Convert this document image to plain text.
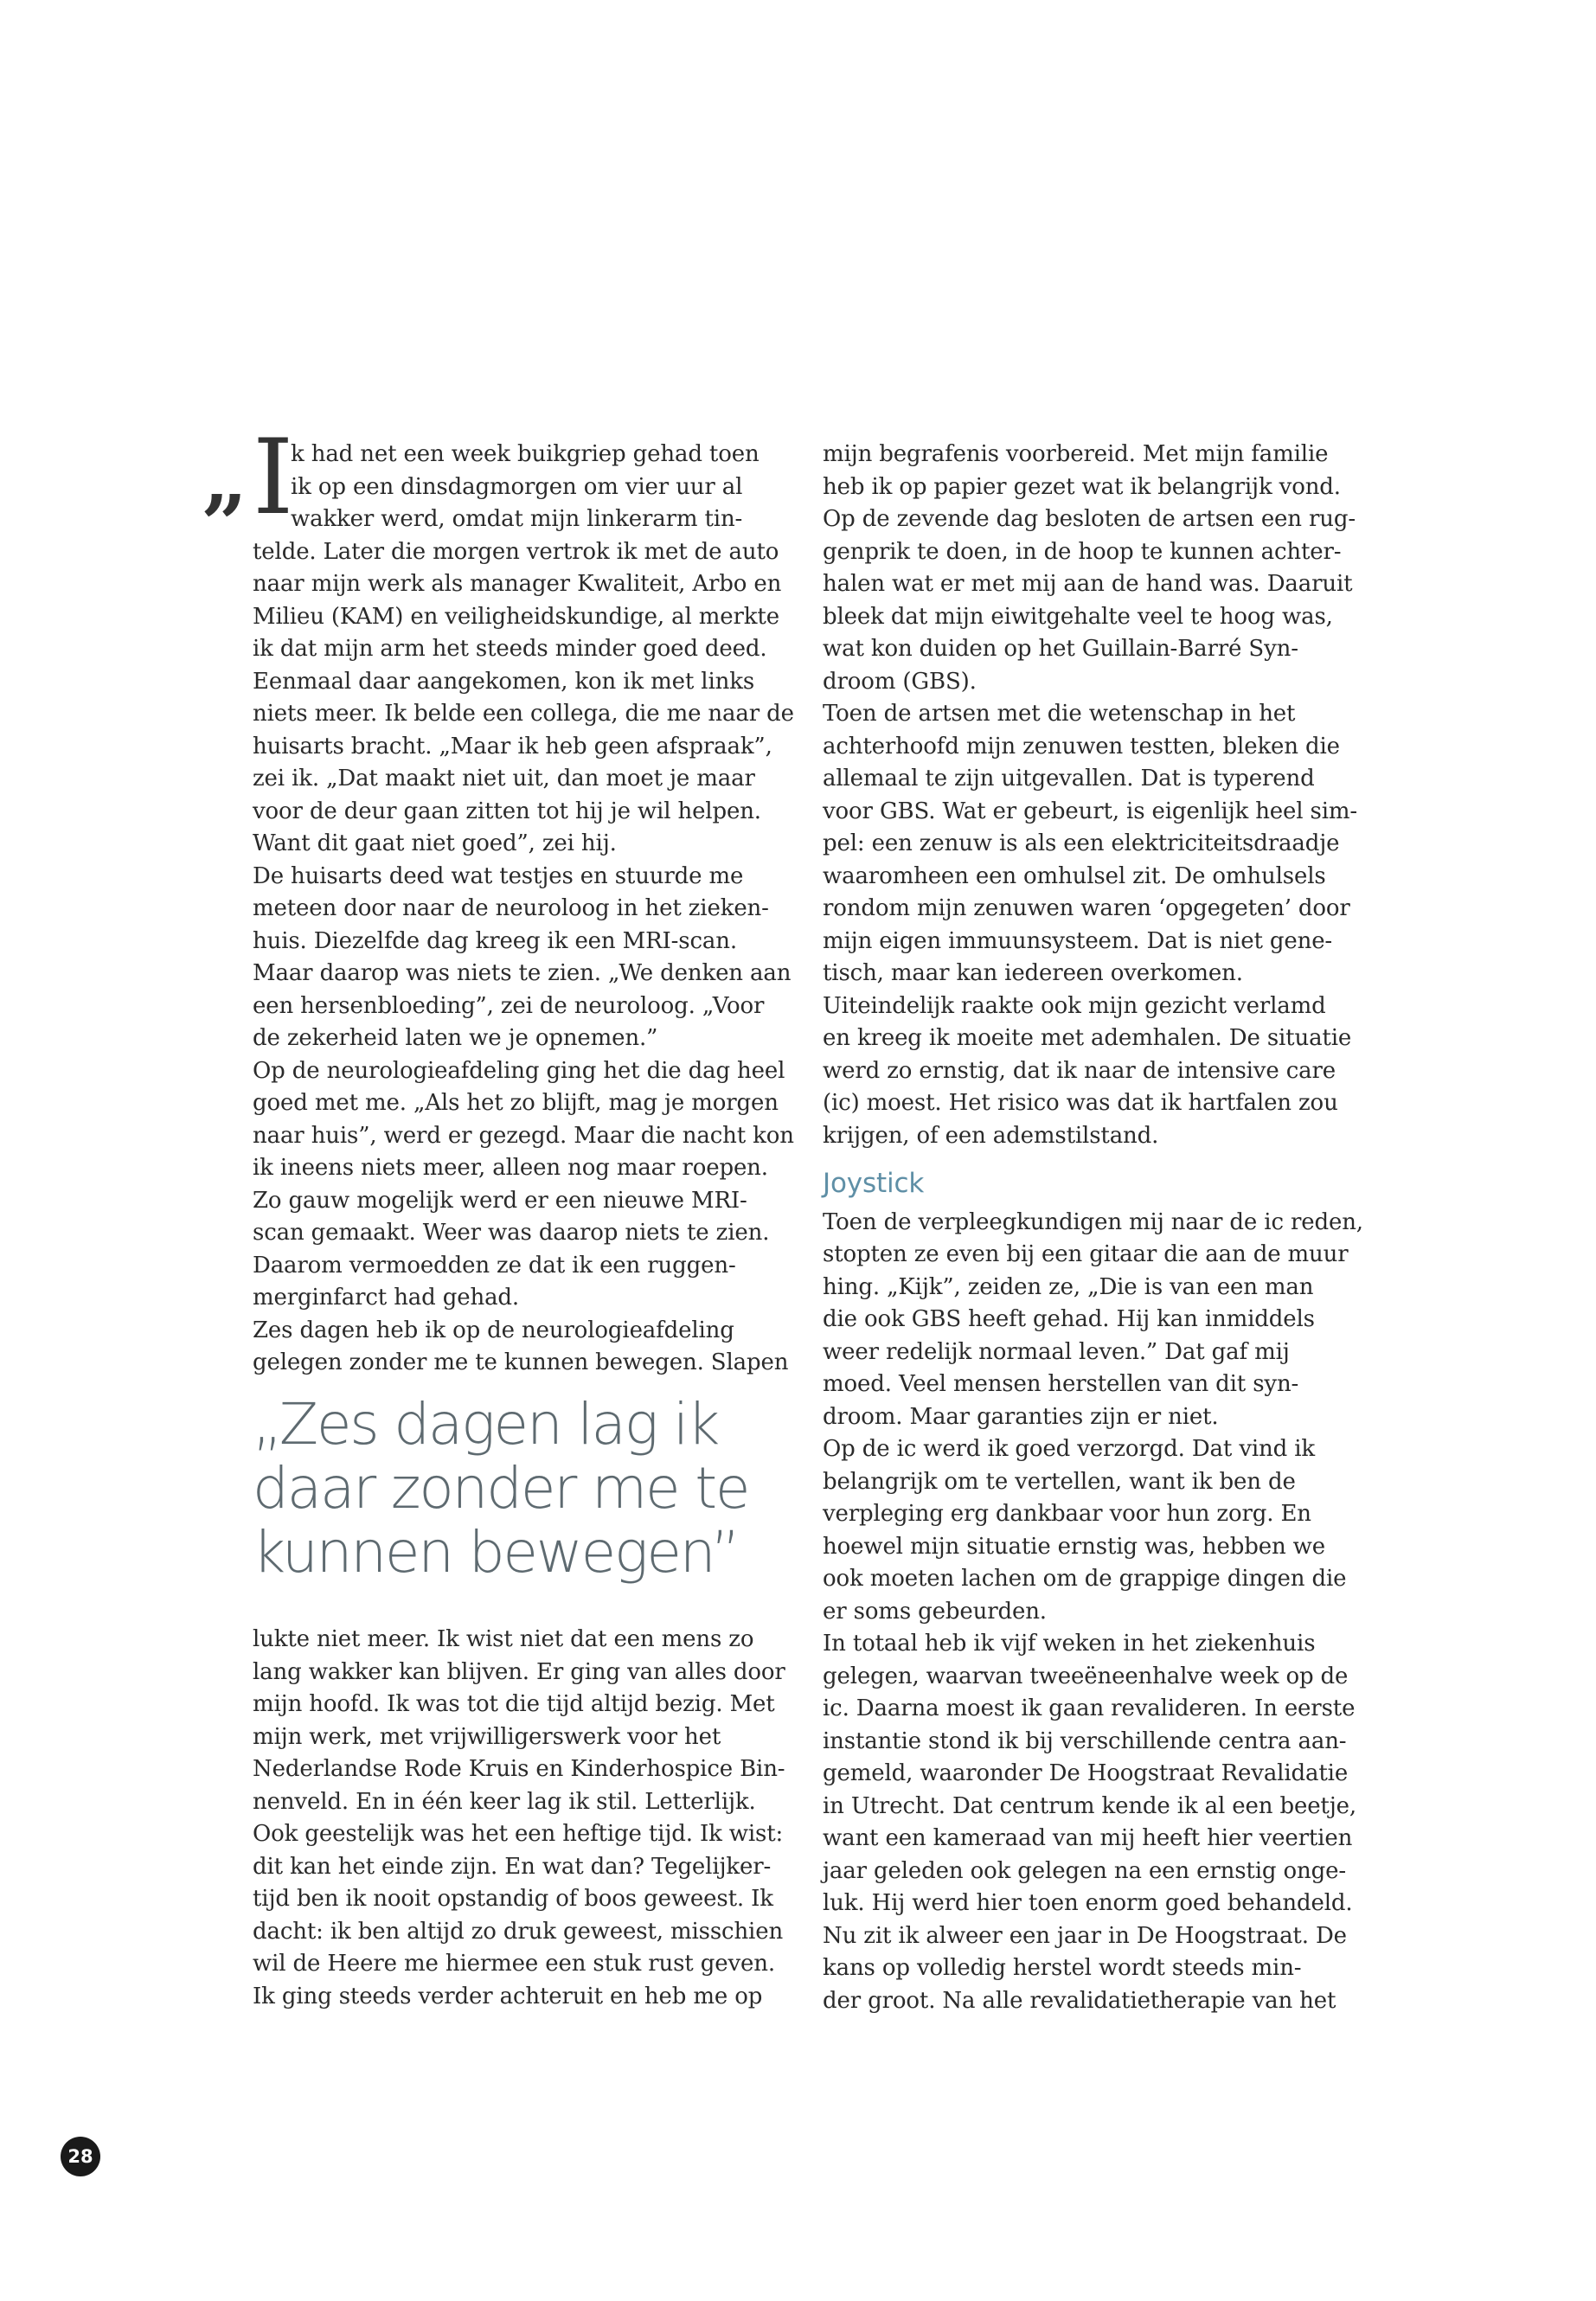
I
”
k had net een week buikgriep gehad toen
ik op een dinsdagmorgen om vier uur al
wakker werd, omdat mijn linkerarm tin-
telde. Later die morgen vertrok ik met de auto
naar mijn werk als manager Kwaliteit, Arbo en
Milieu (KAM) en veiligheidskundige, al merkte
ik dat mijn arm het steeds minder goed deed.
Eenmaal daar aangekomen, kon ik met links
niets meer. Ik belde een collega, die me naar de
huisarts bracht. „Maar ik heb geen afspraak”,
zei ik. „Dat maakt niet uit, dan moet je maar
voor de deur gaan zitten tot hij je wil helpen.
Want dit gaat niet goed”, zei hij.
De huisarts deed wat testjes en stuurde me
meteen door naar de neuroloog in het zieken-
huis. Diezelfde dag kreeg ik een MRI-scan.
Maar daarop was niets te zien. „We denken aan
een hersenbloeding”, zei de neuroloog. „Voor
de zekerheid laten we je opnemen.”
Op de neurologieafdeling ging het die dag heel
goed met me. „Als het zo blijft, mag je morgen
naar huis”, werd er gezegd. Maar die nacht kon
ik ineens niets meer, alleen nog maar roepen.
Zo gauw mogelijk werd er een nieuwe MRI-
scan gemaakt. Weer was daarop niets te zien.
Daarom vermoedden ze dat ik een ruggen-
merginfarct had gehad.
Zes dagen heb ik op de neurologieafdeling
gelegen zonder me te kunnen bewegen. Slapen
lukte niet meer. Ik wist niet dat een mens zo
lang wakker kan blijven. Er ging van alles door
mijn hoofd. Ik was tot die tijd altijd bezig. Met
mijn werk, met vrijwilligerswerk voor het
Nederlandse Rode Kruis en Kinderhospice Bin-
nenveld. En in één keer lag ik stil. Letterlijk.
Ook geestelijk was het een heftige tijd. Ik wist:
dit kan het einde zijn. En wat dan? Tegelijker-
tijd ben ik nooit opstandig of boos geweest. Ik
dacht: ik ben altijd zo druk geweest, misschien
wil de Heere me hiermee een stuk rust geven.
Ik ging steeds verder achteruit en heb me op
„Zes dagen lag ik
daar zonder me te
kunnen bewegen”
mijn begrafenis voorbereid. Met mijn familie
heb ik op papier gezet wat ik belangrijk vond.
Op de zevende dag besloten de artsen een rug-
genprik te doen, in de hoop te kunnen achter-
halen wat er met mij aan de hand was. Daaruit
bleek dat mijn eiwitgehalte veel te hoog was,
wat kon duiden op het Guillain-Barré Syn-
droom (GBS).
Toen de artsen met die wetenschap in het
achterhoofd mijn zenuwen testten, bleken die
allemaal te zijn uitgevallen. Dat is typerend
voor GBS. Wat er gebeurt, is eigenlijk heel sim-
pel: een zenuw is als een elektriciteitsdraadje
waaromheen een omhulsel zit. De omhulsels
rondom mijn zenuwen waren ‘opgegeten’ door
mijn eigen immuunsysteem. Dat is niet gene-
tisch, maar kan iedereen overkomen.
Uiteindelijk raakte ook mijn gezicht verlamd
en kreeg ik moeite met ademhalen. De situatie
werd zo ernstig, dat ik naar de intensive care
(ic) moest. Het risico was dat ik hartfalen zou
krijgen, of een ademstilstand.
Joystick
Toen de verpleegkundigen mij naar de ic reden,
stopten ze even bij een gitaar die aan de muur
hing. „Kijk”, zeiden ze, „Die is van een man
die ook GBS heeft gehad. Hij kan inmiddels
weer redelijk normaal leven.” Dat gaf mij
moed. Veel mensen herstellen van dit syn-
droom. Maar garanties zijn er niet.
Op de ic werd ik goed verzorgd. Dat vind ik
belangrijk om te vertellen, want ik ben de
verpleging erg dankbaar voor hun zorg. En
hoewel mijn situatie ernstig was, hebben we
ook moeten lachen om de grappige dingen die
er soms gebeurden.
In totaal heb ik vijf weken in het ziekenhuis
gelegen, waarvan tweeëneenhalve week op de
ic. Daarna moest ik gaan revalideren. In eerste
instantie stond ik bij verschillende centra aan-
gemeld, waaronder De Hoogstraat Revalidatie
in Utrecht. Dat centrum kende ik al een beetje,
want een kameraad van mij heeft hier veertien
jaar geleden ook gelegen na een ernstig onge-
luk. Hij werd hier toen enorm goed behandeld.
Nu zit ik alweer een jaar in De Hoogstraat. De
kans op volledig herstel wordt steeds min-
der groot. Na alle revalidatietherapie van het
28
